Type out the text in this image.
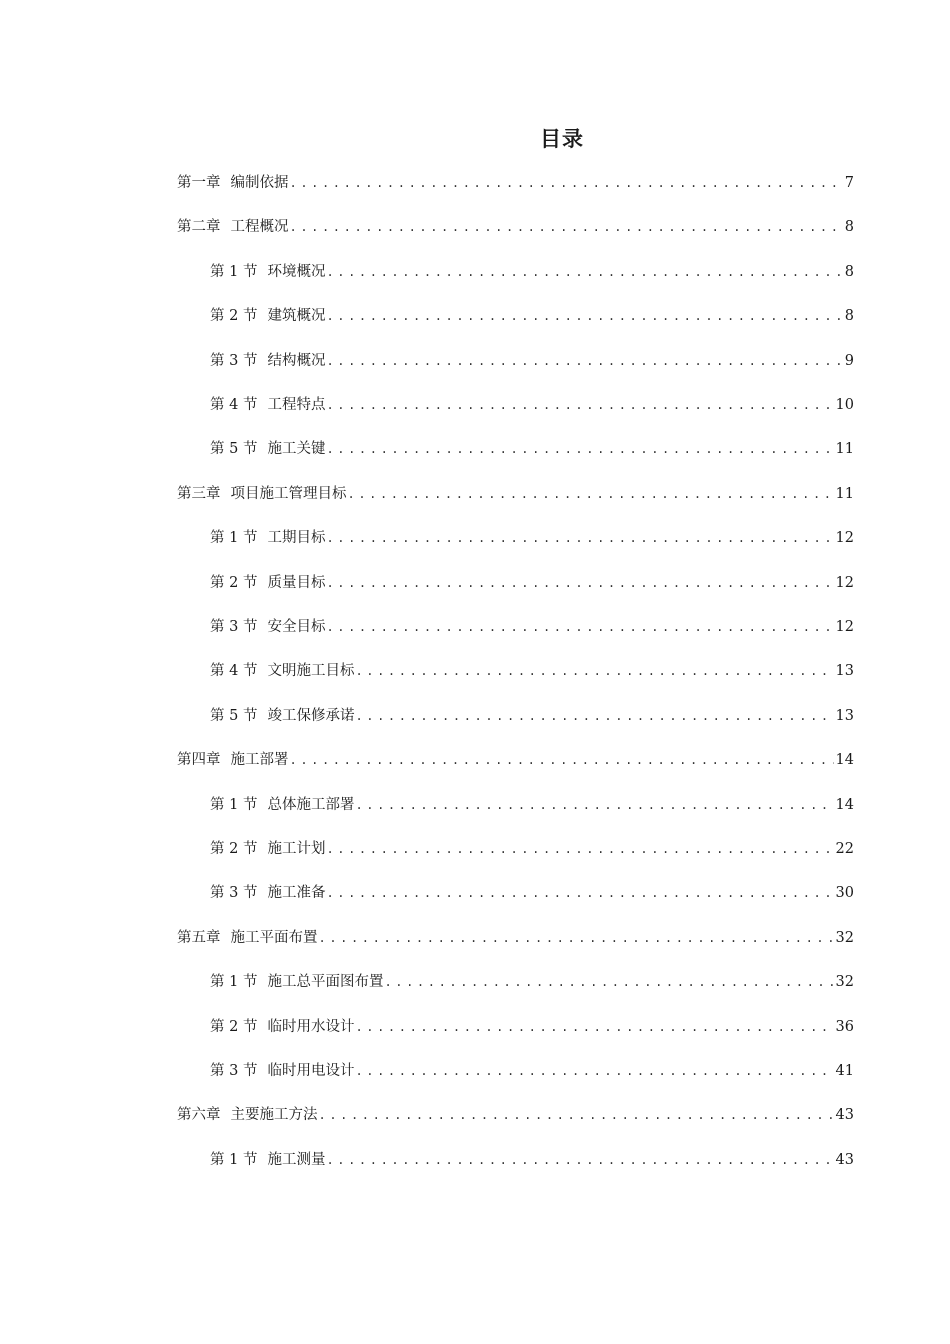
目录
第一章 编制依据 .....	7
第二章 工程概况 .....	8
第 1 节 环境概况 .....	8
第 2 节 建筑概况 .....	8
第 3 节 结构概况 .....	9
第 4 节 工程特点 .....	10
第 5 节 施工关键 .....	11
第三章 项目施工管理目标 .....	11
第 1 节 工期目标 .....	12
第 2 节 质量目标 .....	12
第 3 节 安全目标 .....	12
第 4 节 文明施工目标 .....	13
第 5 节 竣工保修承诺 .....	13
第四章 施工部署 .....	14
第 1 节 总体施工部署 .....	14
第 2 节 施工计划 .....	22
第 3 节 施工准备 .....	30
第五章 施工平面布置 .....	32
第 1 节 施工总平面图布置 .....	32
第 2 节 临时用水设计 .....	36
第 3 节 临时用电设计 .....	41
第六章 主要施工方法 .....	43
第 1 节 施工测量 .....	43
